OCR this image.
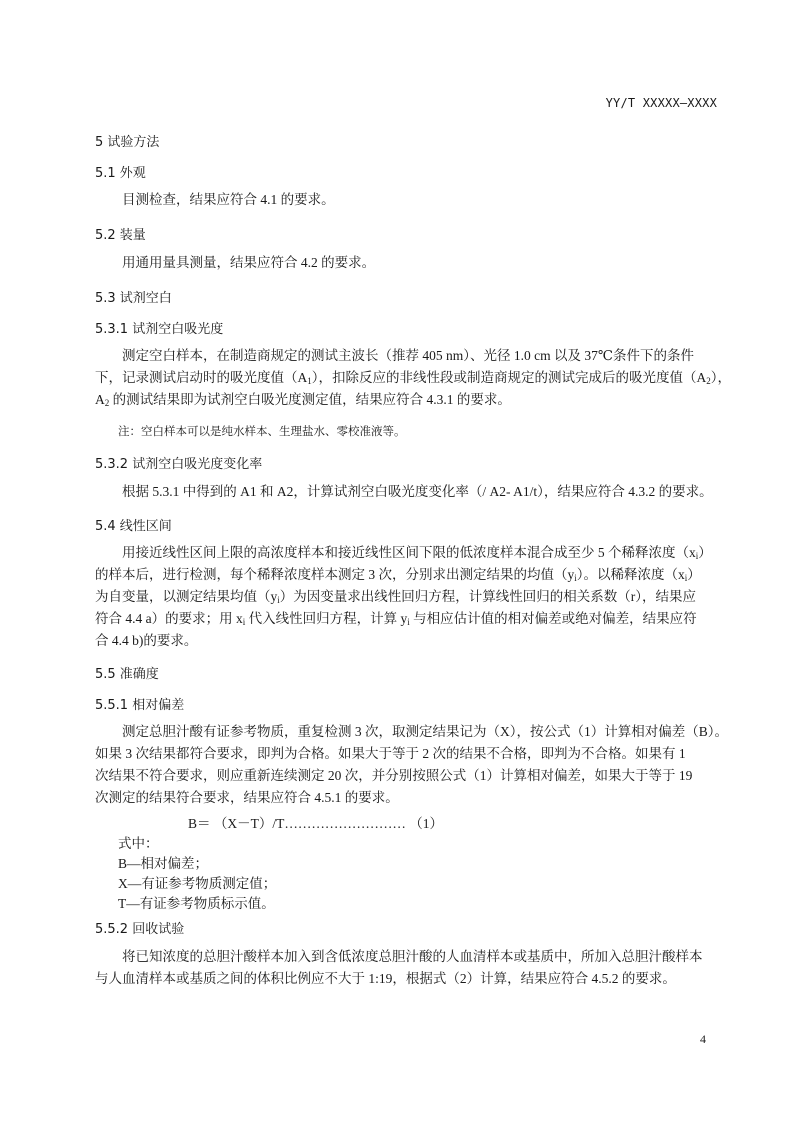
YY/T XXXXX—XXXX
5 试验方法
5.1 外观
目测检查，结果应符合 4.1 的要求。
5.2 装量
用通用量具测量，结果应符合 4.2 的要求。
5.3 试剂空白
5.3.1 试剂空白吸光度
测定空白样本，在制造商规定的测试主波长（推荐 405 nm）、光径 1.0 cm 以及 37℃条件下的条件
下，记录测试启动时的吸光度值$(A_1)$，扣除反应的非线性段或制造商规定的测试完成后的吸光度值$(A_2)$，
$A_2$ 的测试结果即为试剂空白吸光度测定值，结果应符合 4.3.1 的要求。
注：空白样本可以是纯水样本、生理盐水、零校准液等。
5.3.2 试剂空白吸光度变化率
根据 5.3.1 中得到的 A1 和 A2，计算试剂空白吸光度变化率（/ A2- A1/t），结果应符合 4.3.2 的要求。
5.4 线性区间
用接近线性区间上限的高浓度样本和接近线性区间下限的低浓度样本混合成至少 5 个稀释浓度$(x_i)$
的样本后，进行检测，每个稀释浓度样本测定 3 次，分别求出测定结果的均值$(y_i)$。以稀释浓度$(x_i)$
为自变量，以测定结果均值$(y_i)$为因变量求出线性回归方程，计算线性回归的相关系数（r），结果应
符合 4.4 a）的要求；用 $x_i$ 代入线性回归方程，计算 $y_i$ 与相应估计值的相对偏差或绝对偏差，结果应符
合 4.4 b)的要求。
5.5 准确度
5.5.1 相对偏差
测定总胆汁酸有证参考物质，重复检测 3 次，取测定结果记为（X），按公式（1）计算相对偏差（B）。
如果 3 次结果都符合要求，即判为合格。如果大于等于 2 次的结果不合格，即判为不合格。如果有 1
次结果不符合要求，则应重新连续测定 20 次，并分别按照公式（1）计算相对偏差，如果大于等于 19
次测定的结果符合要求，结果应符合 4.5.1 的要求。
B＝ （X－T）/T……………………… （1）
式中：
B—相对偏差；
X—有证参考物质测定值；
T—有证参考物质标示值。
5.5.2 回收试验
将已知浓度的总胆汁酸样本加入到含低浓度总胆汁酸的人血清样本或基质中，所加入总胆汁酸样本
与人血清样本或基质之间的体积比例应不大于 1:19，根据式（2）计算，结果应符合 4.5.2 的要求。
4
